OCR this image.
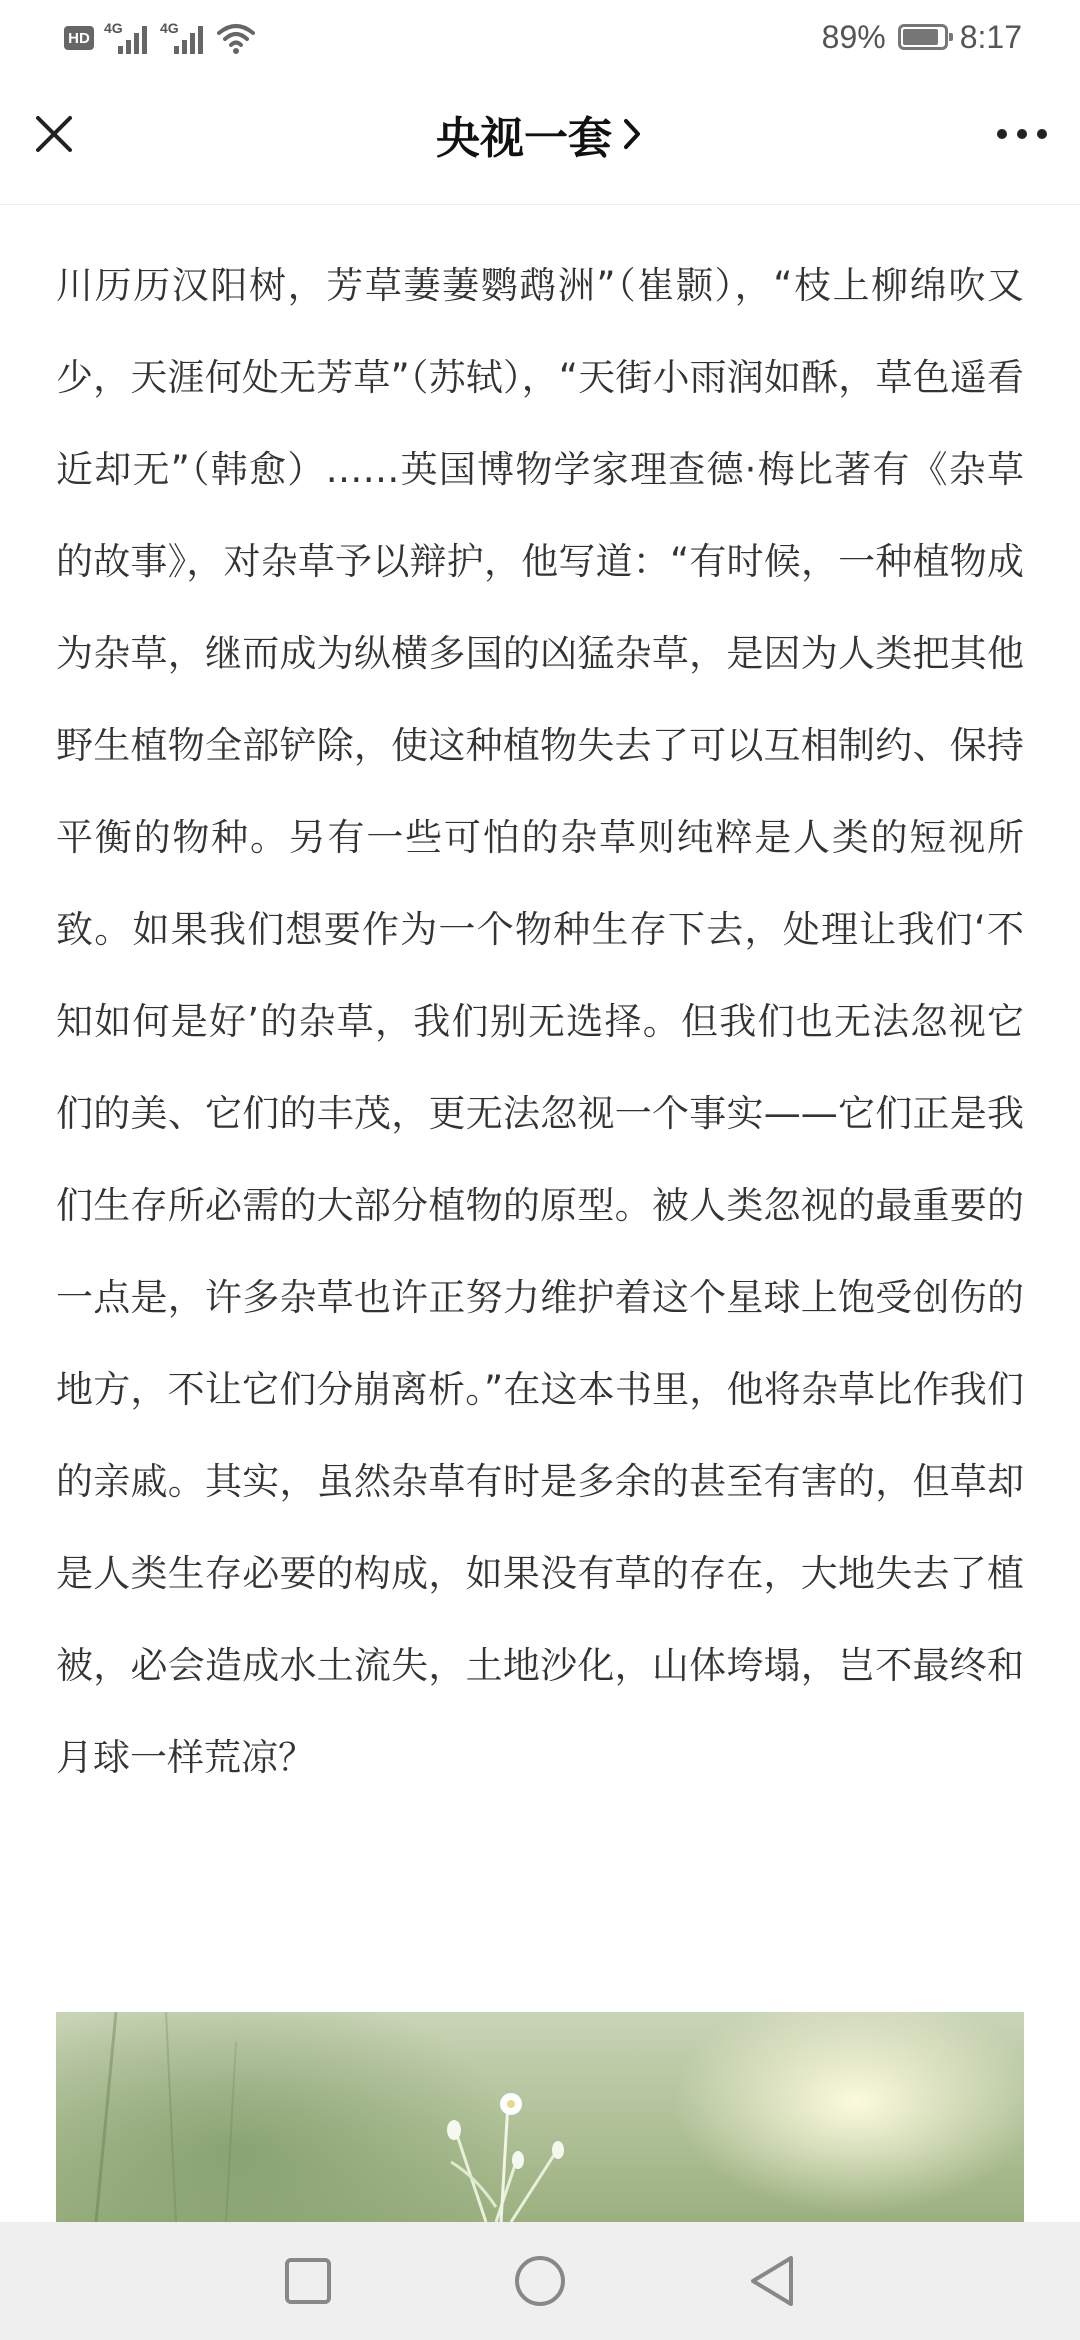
HD
4G	4G	89% 8:17
央视一套

川历历汉阳树，芳草萋萋鹦鹉洲”（崔颢），“枝上柳绵吹又少，天涯何处无芳草”（苏轼），“天街小雨润如酥，草色遥看近却无”（韩愈）……英国博物学家理查德·梅比著有《杂草的故事》，对杂草予以辩护，他写道：“有时候，一种植物成为杂草，继而成为纵横多国的凶猛杂草，是因为人类把其他野生植物全部铲除，使这种植物失去了可以互相制约、保持平衡的物种。另有一些可怕的杂草则纯粹是人类的短视所致。如果我们想要作为一个物种生存下去，处理让我们‘不知如何是好’的杂草，我们别无选择。但我们也无法忽视它们的美、它们的丰茂，更无法忽视一个事实——它们正是我们生存所必需的大部分植物的原型。被人类忽视的最重要的一点是，许多杂草也许正努力维护着这个星球上饱受创伤的地方，不让它们分崩离析。”在这本书里，他将杂草比作我们的亲戚。其实，虽然杂草有时是多余的甚至有害的，但草却是人类生存必要的构成，如果没有草的存在，大地失去了植被，必会造成水土流失，土地沙化，山体垮塌，岂不最终和月球一样荒凉？
